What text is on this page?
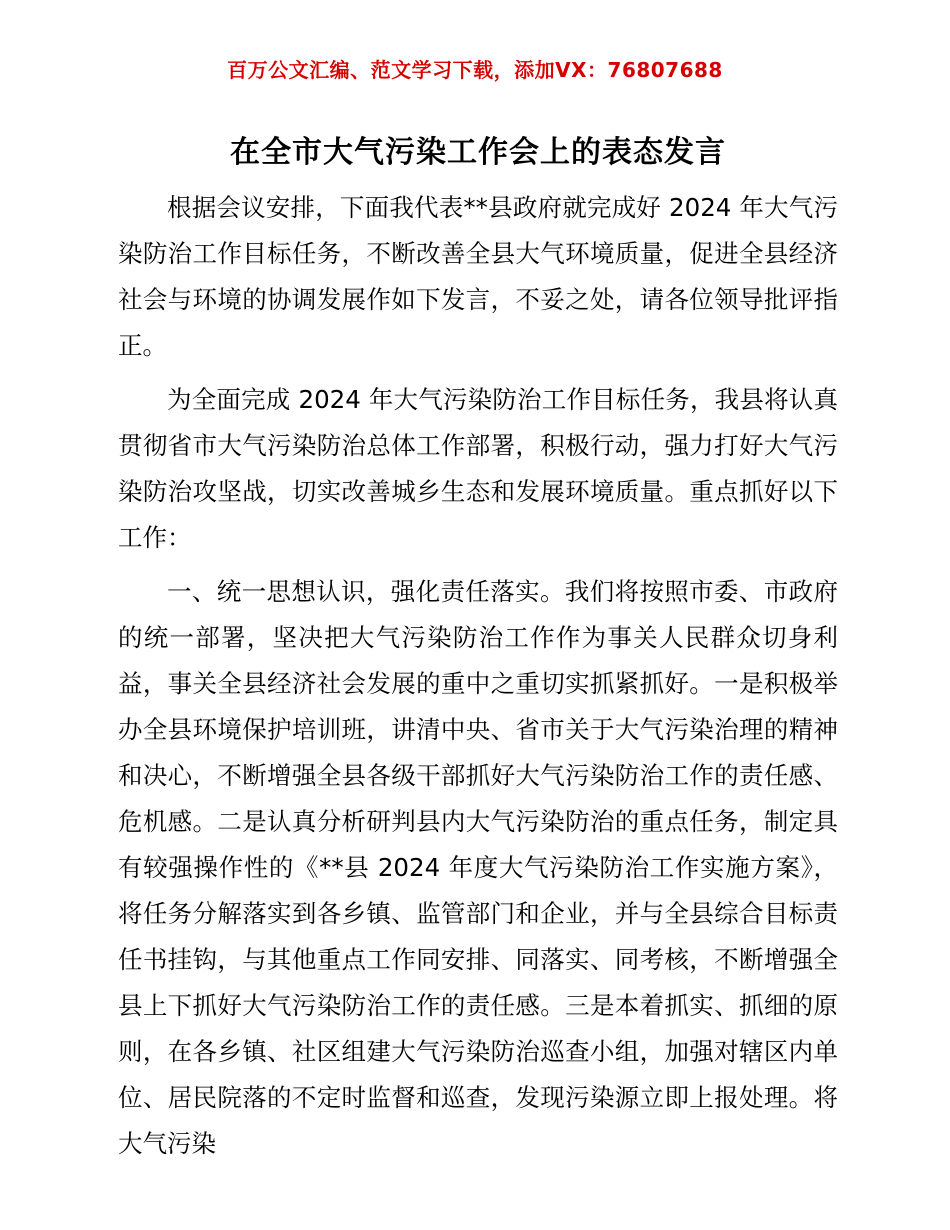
百万公文汇编、范文学习下载，添加VX：76807688
在全市大气污染工作会上的表态发言

根据会议安排，下面我代表**县政府就完成好 2024 年大气污染防治工作目标任务，不断改善全县大气环境质量，促进全县经济社会与环境的协调发展作如下发言，不妥之处，请各位领导批评指正。

为全面完成 2024 年大气污染防治工作目标任务，我县将认真贯彻省市大气污染防治总体工作部署，积极行动，强力打好大气污染防治攻坚战，切实改善城乡生态和发展环境质量。重点抓好以下工作：

一、统一思想认识，强化责任落实。我们将按照市委、市政府的统一部署，坚决把大气污染防治工作作为事关人民群众切身利益，事关全县经济社会发展的重中之重切实抓紧抓好。一是积极举办全县环境保护培训班，讲清中央、省市关于大气污染治理的精神和决心，不断增强全县各级干部抓好大气污染防治工作的责任感、危机感。二是认真分析研判县内大气污染防治的重点任务，制定具有较强操作性的《**县 2024 年度大气污染防治工作实施方案》，将任务分解落实到各乡镇、监管部门和企业，并与全县综合目标责任书挂钩，与其他重点工作同安排、同落实、同考核，不断增强全县上下抓好大气污染防治工作的责任感。三是本着抓实、抓细的原则，在各乡镇、社区组建大气污染防治巡查小组，加强对辖区内单位、居民院落的不定时监督和巡查，发现污染源立即上报处理。将大气污染
